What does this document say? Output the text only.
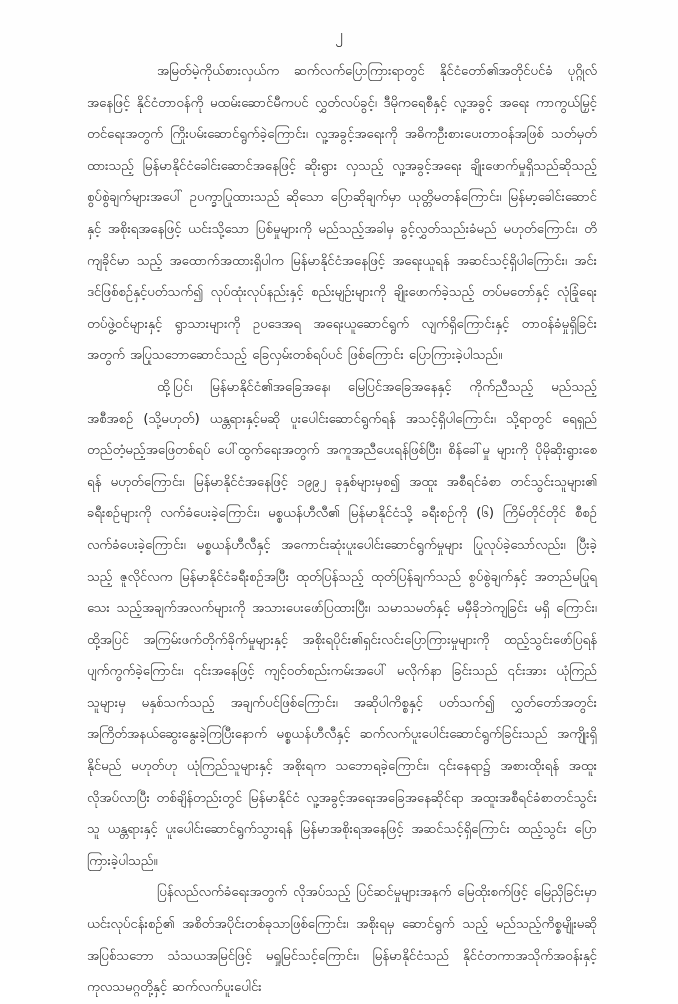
၂

အမြတ်မဲ့ကိုယ်စားလှယ်က ဆက်လက်ပြောကြားရာတွင် နိုင်ငံတော်၏အတိုင်ပင်ခံ ပုဂ္ဂိုလ်အနေဖြင့် နိုင်ငံတာဝန်ကို မထမ်းဆောင်မီကပင် လွှတ်လပ်ခွင့်၊ ဒီမိုကရေစီနှင့် လူ့အခွင့် အရေး ကာကွယ်မြှင့်တင်ရေးအတွက် ကြိုးပမ်းဆောင်ရွက်ခဲ့ကြောင်း၊ လူ့အခွင့်အရေးကို အဓိကဦးစားပေးတာဝန်အဖြစ် သတ်မှတ်ထားသည့် မြန်မာနိုင်ငံခေါင်းဆောင်အနေဖြင့် ဆိုးရွား လှသည့် လူ့အခွင့်အရေး ချိုးဖောက်မှုရှိသည်ဆိုသည့် စွပ်စွဲချက်များအပေါ် ဥပက္ခာပြုထားသည် ဆိုသော ပြောဆိုချက်မှာ ယုတ္တိမတန်ကြောင်း၊ မြန်မာ့ခေါင်းဆောင်နှင့် အစိုးရအနေဖြင့် ယင်းသို့သော ပြစ်မှုများကို မည်သည့်အခါမှ ခွင့်လွှတ်သည်းခံမည် မဟုတ်ကြောင်း၊ တိကျခိုင်မာ သည့် အထောက်အထားရှိပါက မြန်မာနိုင်ငံအနေဖြင့် အရေးယူရန် အဆင်သင့်ရှိပါကြောင်း၊ အင်းဒင်ဖြစ်စဉ်နှင့်ပတ်သက်၍ လုပ်ထုံးလုပ်နည်းနှင့် စည်းမျဉ်းများကို ချိုးဖောက်ခဲ့သည့် တပ်မတော်နှင့် လုံခြုံရေးတပ်ဖွဲ့ဝင်များနှင့် ရွာသားများကို ဥပဒေအရ အရေးယူဆောင်ရွက် လျက်ရှိကြောင်းနှင့် တာဝန်ခံမှုရှိခြင်းအတွက် အပြုသဘောဆောင်သည့် ခြေလှမ်းတစ်ရပ်ပင် ဖြစ်ကြောင်း ပြောကြားခဲ့ပါသည်။

ထို့ပြင်၊ မြန်မာနိုင်ငံ၏အခြေအနေ၊ မြေပြင်အခြေအနေနှင့် ကိုက်ညီသည့် မည်သည့် အစီအစဉ် (သို့မဟုတ်) ယန္တရားနှင့်မဆို ပူးပေါင်းဆောင်ရွက်ရန် အသင့်ရှိပါကြောင်း၊ သို့ရာတွင် ရေရှည် တည်တံ့မည့်အဖြေတစ်ရပ် ပေါ်ထွက်ရေးအတွက် အကူအညီပေးရန်ဖြစ်ပြီး၊ စိန်ခေါ်မှု များကို ပိုမိုဆိုးရွားစေရန် မဟုတ်ကြောင်း၊ မြန်မာနိုင်ငံအနေဖြင့် ၁၉၉၂ ခုနှစ်များမှစ၍ အထူး အစီရင်ခံစာ တင်သွင်းသူများ၏ ခရီးစဉ်များကို လက်ခံပေးခဲ့ကြောင်း၊ မစ္စယန်ဟီလီ၏ မြန်မာနိုင်ငံသို့ ခရီးစဉ်ကို (၆) ကြိမ်တိုင်တိုင် စီစဉ်လက်ခံပေးခဲ့ကြောင်း၊ မစ္စယန်ဟီလီနှင့် အကောင်းဆုံးပူးပေါင်းဆောင်ရွက်မှုများ ပြုလုပ်ခဲ့သော်လည်း၊ ပြီးခဲ့သည့် ဇူလိုင်လက မြန်မာနိုင်ငံခရီးစဉ်အပြီး ထုတ်ပြန်သည့် ထုတ်ပြန်ချက်သည် စွပ်စွဲချက်နှင့် အတည်မပြုရသေး သည့်အချက်အလက်များကို အသားပေးဖော်ပြထားပြီး၊ သမာသမတ်နှင့် မမှီခိုဘဲကျခြင်း မရှိ ကြောင်း၊ ထို့အပြင် အကြမ်းဖက်တိုက်ခိုက်မှုများနှင့် အစိုးရပိုင်း၏ရှင်းလင်းပြောကြားမှုများကို ထည့်သွင်းဖော်ပြရန် ပျက်ကွက်ခဲ့ကြောင်း၊ ၎င်းအနေဖြင့် ကျင့်ဝတ်စည်းကမ်းအပေါ် မလိုက်နာ ခြင်းသည် ၎င်းအား ယုံကြည်သူများမှ မနှစ်သက်သည့် အချက်ပင်ဖြစ်ကြောင်း၊ အဆိုပါကိစ္စနှင့် ပတ်သက်၍ လွှတ်တော်အတွင်း အကြိတ်အနယ်ဆွေးနွေးခဲ့ကြပြီးနောက် မစ္စယန်ဟီလီနှင့် ဆက်လက်ပူးပေါင်းဆောင်ရွက်ခြင်းသည် အကျိုးရှိနိုင်မည် မဟုတ်ဟု ယုံကြည်သူများနှင့် အစိုးရက သဘောရခဲ့ကြောင်း၊ ၎င်းနေရာ၌ အစားထိုးရန် အထူးလိုအပ်လာပြီး တစ်ချိန်တည်းတွင် မြန်မာနိုင်ငံ လူ့အခွင့်အရေးအခြေအနေဆိုင်ရာ အထူးအစီရင်ခံစာတင်သွင်းသူ ယန္တရားနှင့် ပူးပေါင်းဆောင်ရွက်သွားရန် မြန်မာအစိုးရအနေဖြင့် အဆင်သင့်ရှိကြောင်း ထည့်သွင်း ပြောကြားခဲ့ပါသည်။

ပြန်လည်လက်ခံရေးအတွက် လိုအပ်သည့် ပြင်ဆင်မှုများအနက် မြေထိုးစက်ဖြင့် မြေညှိခြင်းမှာ ယင်းလုပ်ငန်းစဉ်၏ အစိတ်အပိုင်းတစ်ခုသာဖြစ်ကြောင်း၊ အစိုးရမှ ဆောင်ရွက် သည့် မည်သည့်ကိစ္စမျိုးမဆို အပြစ်သဘော သံသယအမြင်ဖြင့် မရှုမြင်သင့်ကြောင်း၊ မြန်မာနိုင်ငံသည် နိုင်ငံတကာအသိုက်အဝန်းနှင့် ကုလသမဂ္ဂတို့နှင့် ဆက်လက်ပူးပေါင်း
